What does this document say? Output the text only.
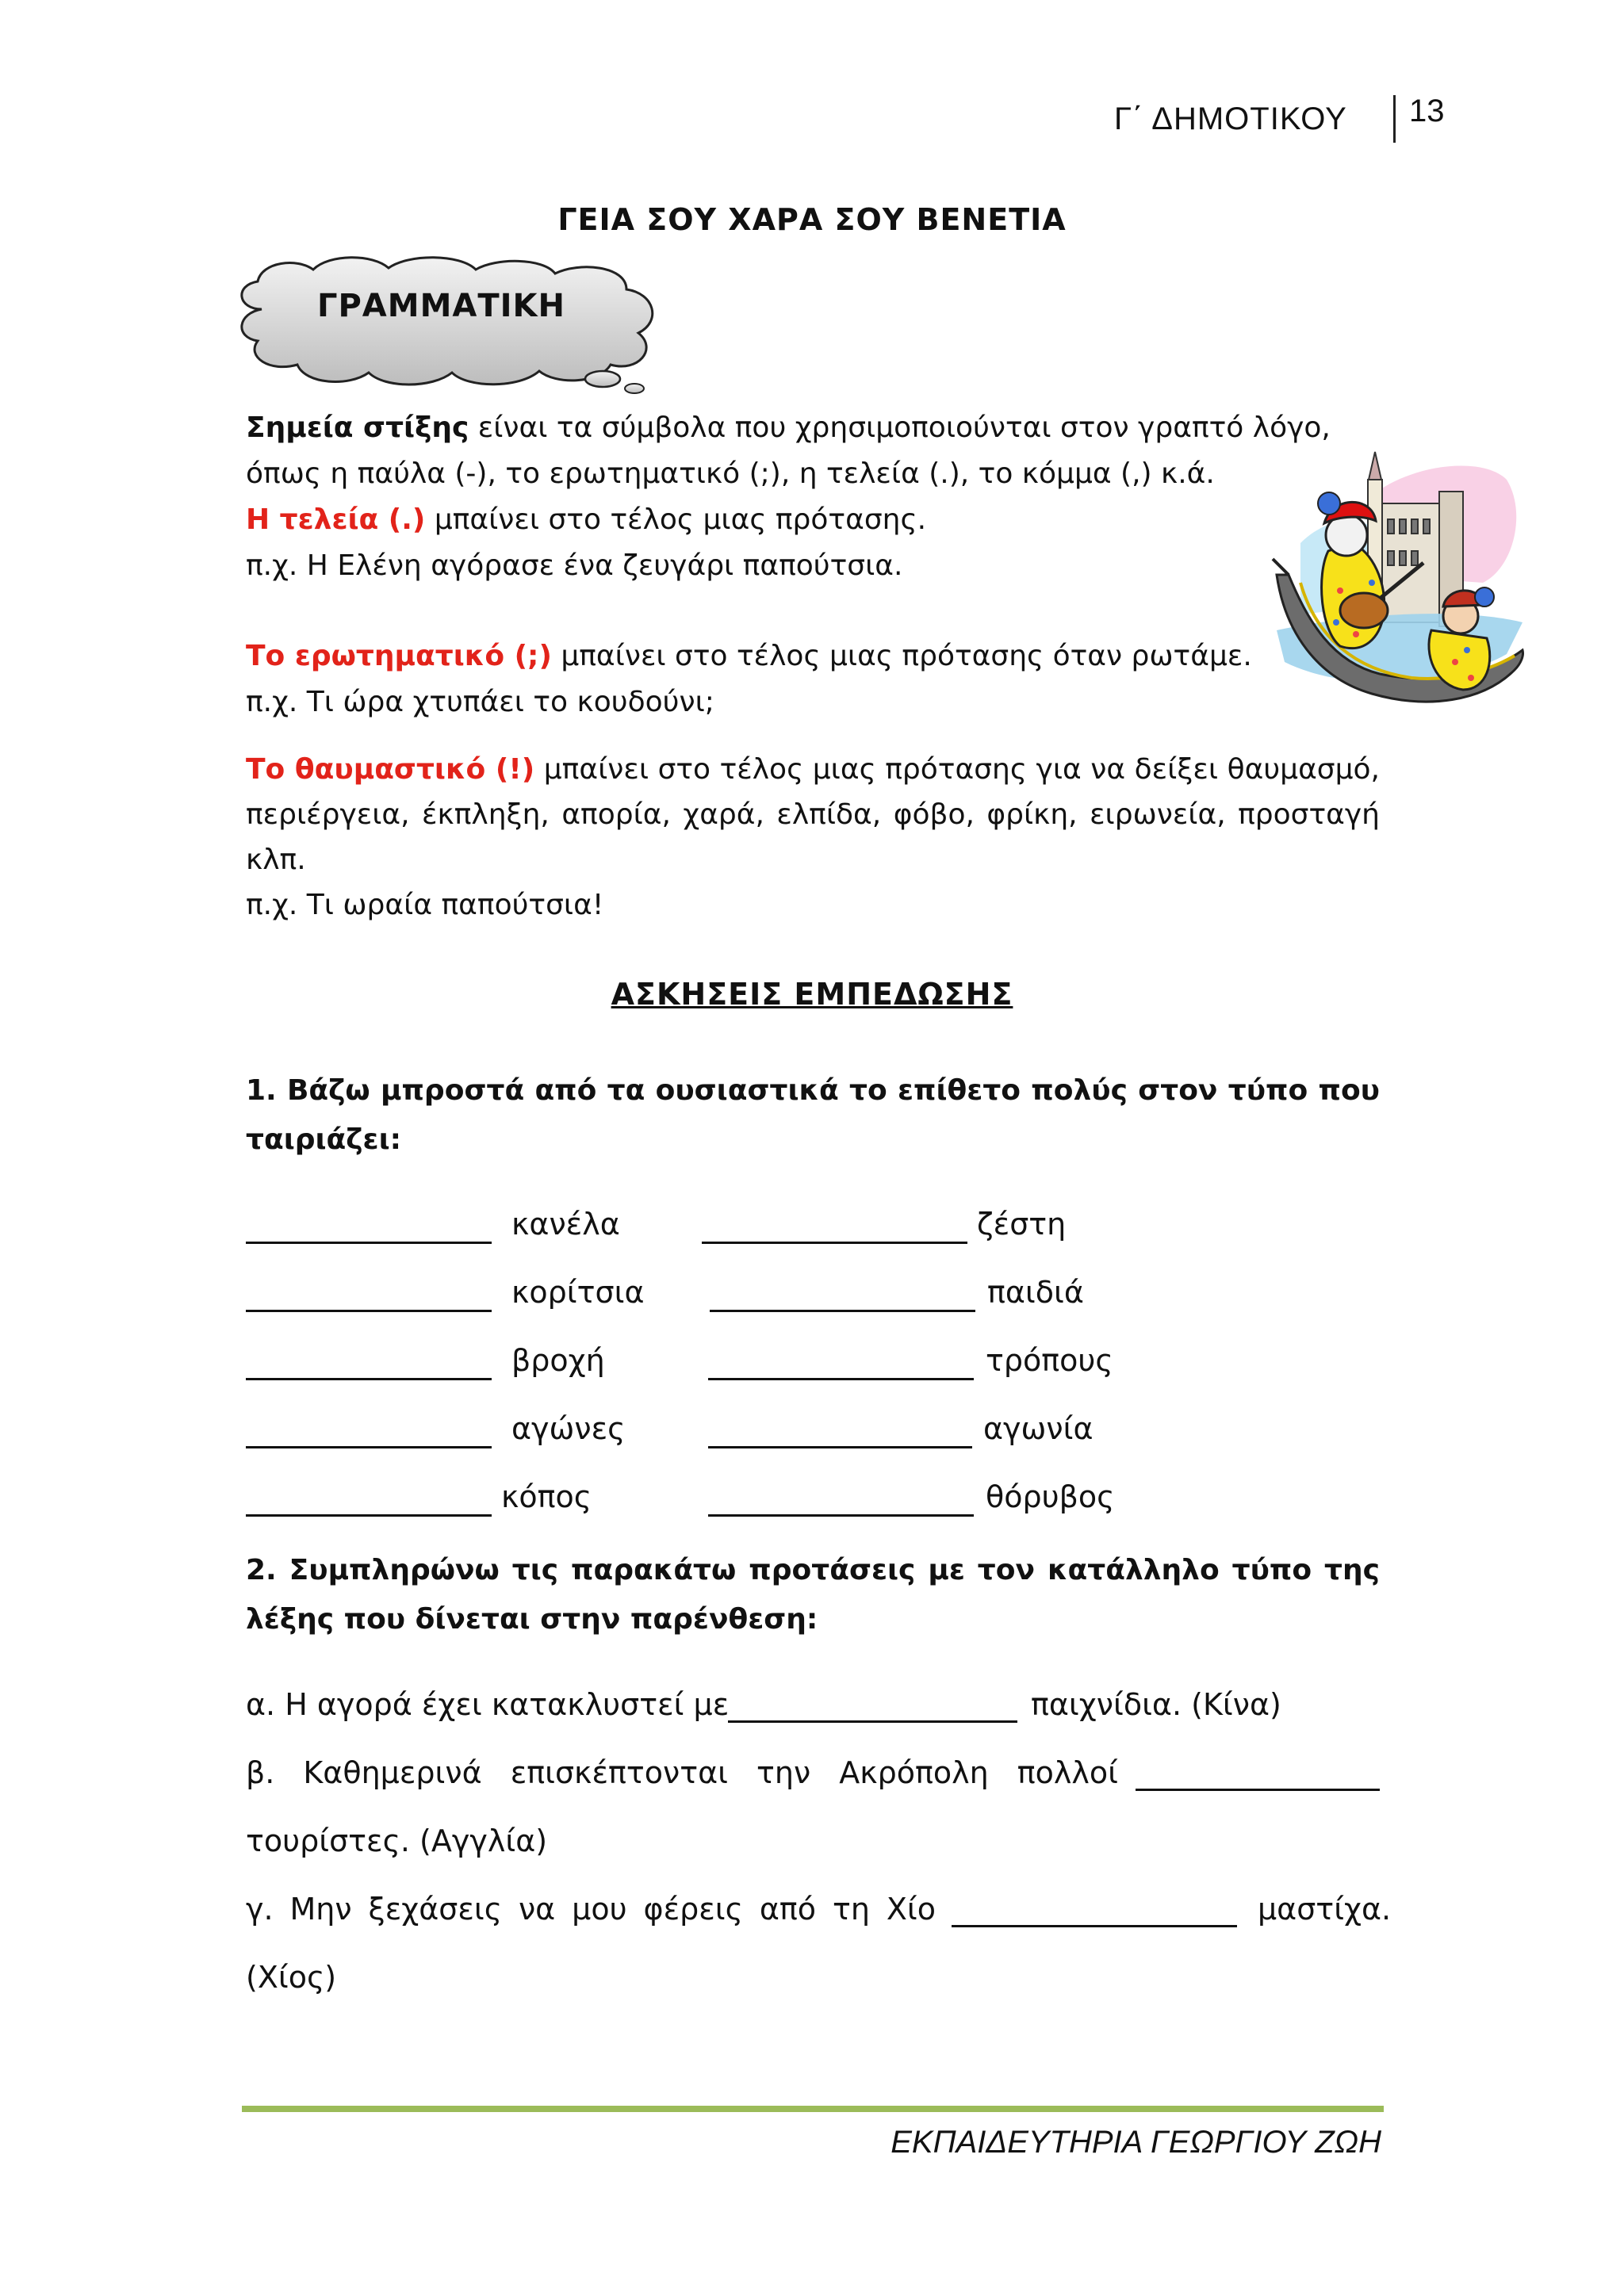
Γ΄ ΔΗΜΟΤΙΚΟΥ 13
ΓΕΙΑ ΣΟΥ ΧΑΡΑ ΣΟΥ ΒΕΝΕΤΙΑ
ΓΡΑΜΜΑΤΙΚΗ
Σημεία στίξης είναι τα σύμβολα που χρησιμοποιούνται στον γραπτό λόγο,
όπως η παύλα (-), το ερωτηματικό (;), η τελεία (.), το κόμμα (,) κ.ά.
Η τελεία (.) μπαίνει στο τέλος μιας πρότασης.
π.χ. Η Ελένη αγόρασε ένα ζευγάρι παπούτσια.
Το ερωτηματικό (;) μπαίνει στο τέλος μιας πρότασης όταν ρωτάμε.
π.χ. Τι ώρα χτυπάει το κουδούνι;
Το θαυμαστικό (!) μπαίνει στο τέλος μιας πρότασης για να δείξει θαυμασμό, περιέργεια, έκπληξη, απορία, χαρά, ελπίδα, φόβο, φρίκη, ειρωνεία, προσταγή κλπ.
π.χ. Τι ωραία παπούτσια!
ΑΣΚΗΣΕΙΣ ΕΜΠΕΔΩΣΗΣ
1. Βάζω μπροστά από τα ουσιαστικά το επίθετο πολύς στον τύπο που ταιριάζει:
κανέλα	ζέστη
κορίτσια	παιδιά
βροχή	τρόπους
αγώνες	αγωνία
κόπος	θόρυβος
2. Συμπληρώνω τις παρακάτω προτάσεις με τον κατάλληλο τύπο της λέξης που δίνεται στην παρένθεση:
α. Η αγορά έχει κατακλυστεί με	παιχνίδια. (Κίνα)
β. Καθημερινά επισκέπτονται την Ακρόπολη πολλοί
τουρίστες. (Αγγλία)
γ. Μην ξεχάσεις να μου φέρεις από τη Χίο	μαστίχα.
(Χίος)
ΕΚΠΑΙΔΕΥΤΗΡΙΑ ΓΕΩΡΓΙΟΥ ΖΩΗ
